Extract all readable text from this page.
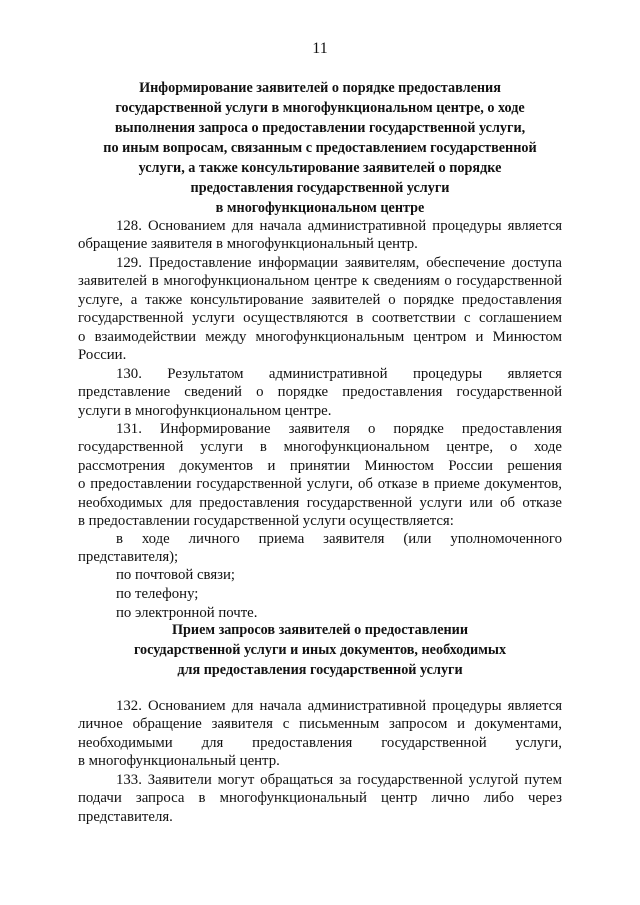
11
Информирование заявителей о порядке предоставления
государственной услуги в многофункциональном центре, о ходе
выполнения запроса о предоставлении государственной услуги,
по иным вопросам, связанным с предоставлением государственной
услуги, а также консультирование заявителей о порядке
предоставления государственной услуги
в многофункциональном центре
128. Основанием для начала административной процедуры является
обращение заявителя в многофункциональный центр.
129. Предоставление информации заявителям, обеспечение доступа
заявителей в многофункциональном центре к сведениям о государственной
услуге, а также консультирование заявителей о порядке предоставления
государственной услуги осуществляются в соответствии с соглашением
о взаимодействии между многофункциональным центром и Минюстом
России.
130. Результатом административной процедуры является
представление сведений о порядке предоставления государственной
услуги в многофункциональном центре.
131. Информирование заявителя о порядке предоставления
государственной услуги в многофункциональном центре, о ходе
рассмотрения документов и принятии Минюстом России решения
о предоставлении государственной услуги, об отказе в приеме документов,
необходимых для предоставления государственной услуги или об отказе
в предоставлении государственной услуги осуществляется:
в ходе личного приема заявителя (или уполномоченного
представителя);
по почтовой связи;
по телефону;
по электронной почте.
Прием запросов заявителей о предоставлении
государственной услуги и иных документов, необходимых
для предоставления государственной услуги
132. Основанием для начала административной процедуры является
личное обращение заявителя с письменным запросом и документами,
необходимыми для предоставления государственной услуги,
в многофункциональный центр.
133. Заявители могут обращаться за государственной услугой путем
подачи запроса в многофункциональный центр лично либо через
представителя.
